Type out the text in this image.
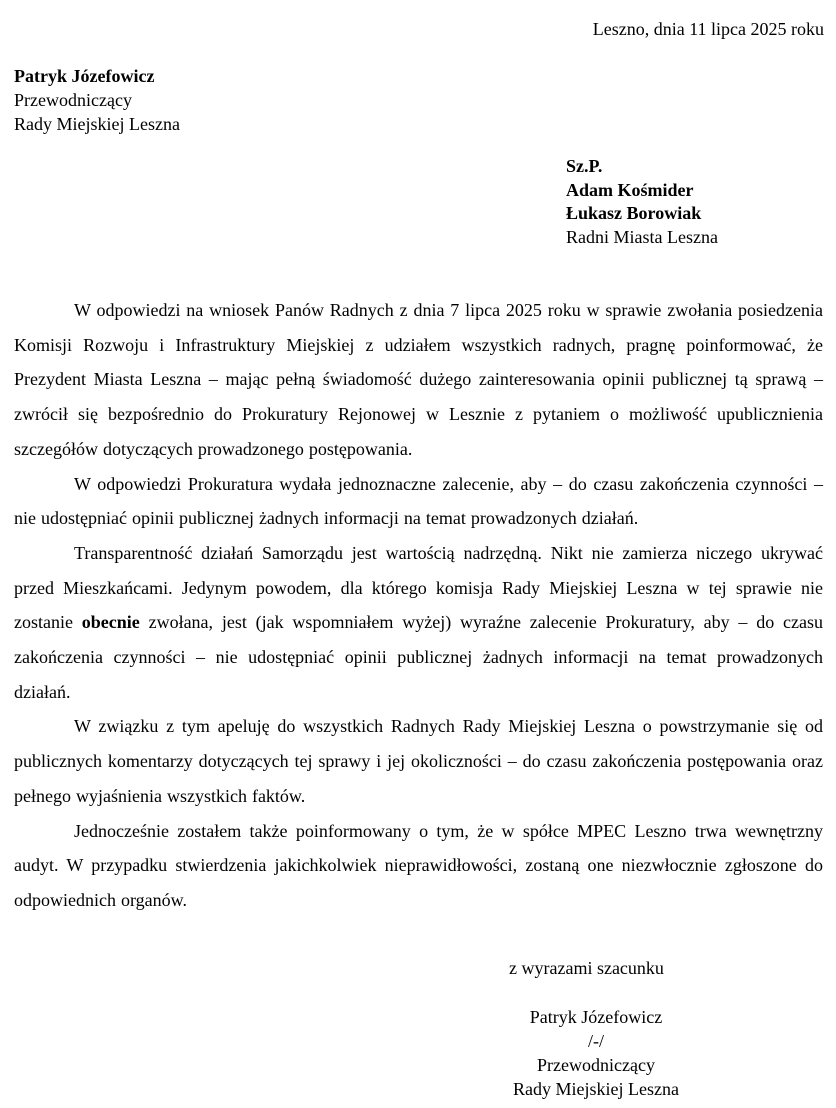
Leszno, dnia 11 lipca 2025 roku
Patryk Józefowicz
Przewodniczący
Rady Miejskiej Leszna
Sz.P.
Adam Kośmider
Łukasz Borowiak
Radni Miasta Leszna

W odpowiedzi na wniosek Panów Radnych z dnia 7 lipca 2025 roku w sprawie zwołania posiedzenia Komisji Rozwoju i Infrastruktury Miejskiej z udziałem wszystkich radnych, pragnę poinformować, że Prezydent Miasta Leszna – mając pełną świadomość dużego zainteresowania opinii publicznej tą sprawą – zwrócił się bezpośrednio do Prokuratury Rejonowej w Lesznie z pytaniem o możliwość upublicznienia szczegółów dotyczących prowadzonego postępowania.

W odpowiedzi Prokuratura wydała jednoznaczne zalecenie, aby – do czasu zakończenia czynności – nie udostępniać opinii publicznej żadnych informacji na temat prowadzonych działań.

Transparentność działań Samorządu jest wartością nadrzędną. Nikt nie zamierza niczego ukrywać przed Mieszkańcami. Jedynym powodem, dla którego komisja Rady Miejskiej Leszna w tej sprawie nie zostanie obecnie zwołana, jest (jak wspomniałem wyżej) wyraźne zalecenie Prokuratury, aby – do czasu zakończenia czynności – nie udostępniać opinii publicznej żadnych informacji na temat prowadzonych działań.

W związku z tym apeluję do wszystkich Radnych Rady Miejskiej Leszna o powstrzymanie się od publicznych komentarzy dotyczących tej sprawy i jej okoliczności – do czasu zakończenia postępowania oraz pełnego wyjaśnienia wszystkich faktów.

Jednocześnie zostałem także poinformowany o tym, że w spółce MPEC Leszno trwa wewnętrzny audyt. W przypadku stwierdzenia jakichkolwiek nieprawidłowości, zostaną one niezwłocznie zgłoszone do odpowiednich organów.

z wyrazami szacunku
Patryk Józefowicz
/-/
Przewodniczący
Rady Miejskiej Leszna
